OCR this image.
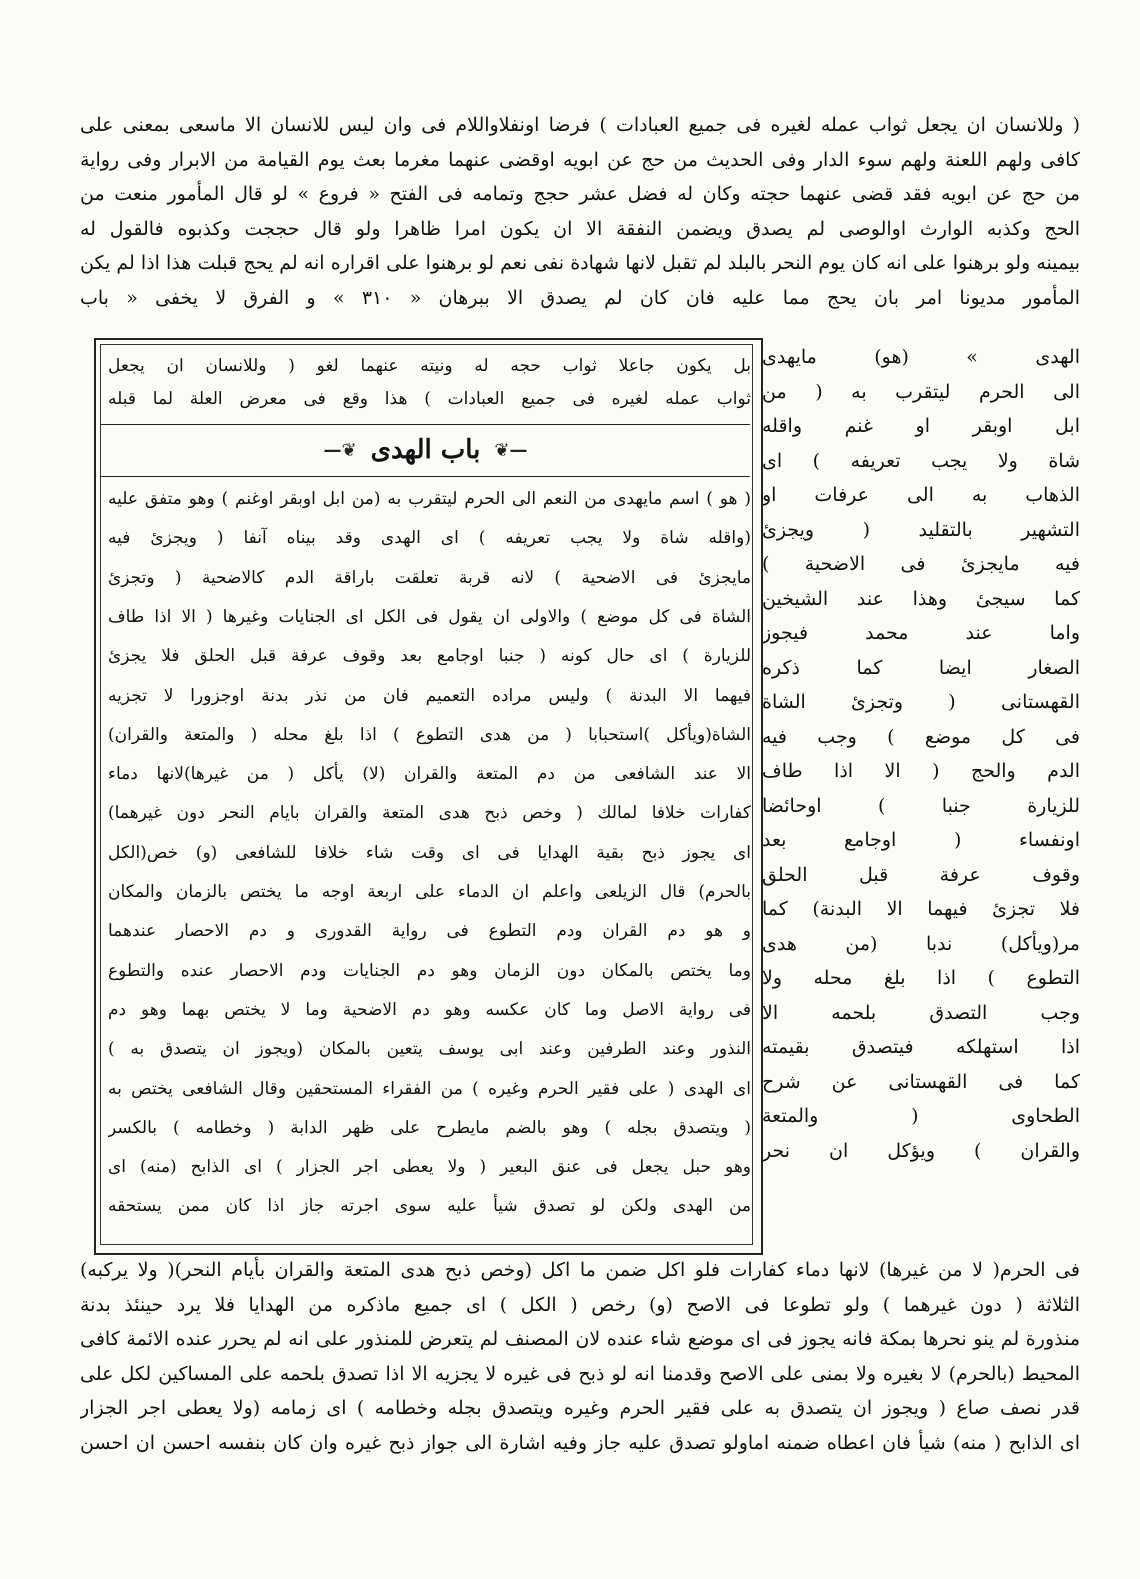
( وللانسان ان يجعل ثواب عمله لغيره فى جميع العبادات ) فرضا اونفلاواللام فى وان ليس للانسان الا ماسعى بمعنى على
كافى ولهم اللعنة ولهم سوء الدار وفى الحديث من حج عن ابويه اوقضى عنهما مغرما بعث يوم القيامة من الابرار وفى رواية
من حج عن ابويه فقد قضى عنهما حجته وكان له فضل عشر حجج وتمامه فى الفتح « فروع » لو قال المأمور منعت من
الحج وكذبه الوارث اوالوصى لم يصدق ويضمن النفقة الا ان يكون امرا ظاهرا ولو قال حججت وكذبوه فالقول له
بيمينه ولو برهنوا على انه كان يوم النحر بالبلد لم تقبل لانها شهادة نفى نعم لو برهنوا على اقراره انه لم يحج قبلت هذا اذا لم يكن
المأمور مديونا امر بان يحج مما عليه فان كان لم يصدق الا ببرهان « ٣١٠ » و الفرق لا يخفى « باب
الهدى » (هو) مايهدى
الى الحرم ليتقرب به ( من
ابل اوبقر او غنم واقله
شاة ولا يجب تعريفه ) اى
الذهاب به الى عرفات او
التشهير بالتقليد ( ويجزىٔ
فيه مايجزىٔ فى الاضحية )
كما سيجىٔ وهذا عند الشيخين
واما عند محمد فيجوز
الصغار ايضا كما ذكره
القهستانى ( وتجزىٔ الشاة
فى كل موضع ) وجب فيه
الدم والحج ( الا اذا طاف
للزيارة جنبا ) اوحائضا
اونفساء ( اوجامع بعد
وقوف عرفة قبل الحلق
فلا تجزىٔ فيهما الا البدنة) كما
مر(ويأكل) ندبا (من هدى
التطوع ) اذا بلغ محله ولا
وجب التصدق بلحمه الا
اذا استهلكه فيتصدق بقيمته
كما فى القهستانى عن شرح
الطحاوى ( والمتعة
والقران ) ويؤكل ان نحر
بل يكون جاعلا ثواب حجه له ونيته عنهما لغو ( وللانسان ان يجعل
ثواب عمله لغيره فى جميع العبادات ) هذا وقع فى معرض العلة لما قبله
—❦
باب الهدى
❦—
( هو ) اسم مايهدى من النعم الى الحرم ليتقرب به (من ابل اوبقر اوغنم ) وهو متفق عليه
(واقله شاة ولا يجب تعريفه ) اى الهدى وقد بيناه آنفا ( ويجزىٔ فيه
مايجزىٔ فى الاضحية ) لانه قربة تعلقت باراقة الدم كالاضحية ( وتجزىٔ
الشاة فى كل موضع ) والاولى ان يقول فى الكل اى الجنايات وغيرها ( الا اذا طاف
للزيارة ) اى حال كونه ( جنبا اوجامع بعد وقوف عرفة قبل الحلق فلا يجزىٔ
فيهما الا البدنة ) وليس مراده التعميم فان من نذر بدنة اوجزورا لا تجزيه
الشاة(ويأكل )استحبابا ( من هدى التطوع ) اذا بلغ محله ( والمتعة والقران)
الا عند الشافعى من دم المتعة والقران (لا) يأكل ( من غيرها)لانها دماء
كفارات خلافا لمالك ( وخص ذبح هدى المتعة والقران بايام النحر دون غيرهما)
اى يجوز ذبح بقية الهدايا فى اى وقت شاء خلافا للشافعى (و) خص(الكل
بالحرم) قال الزيلعى واعلم ان الدماء على اربعة اوجه ما يختص بالزمان والمكان
و هو دم القران ودم التطوع فى رواية القدورى و دم الاحصار عندهما
وما يختص بالمكان دون الزمان وهو دم الجنايات ودم الاحصار عنده والتطوع
فى رواية الاصل وما كان عكسه وهو دم الاضحية وما لا يختص بهما وهو دم
النذور وعند الطرفين وعند ابى يوسف يتعين بالمكان (ويجوز ان يتصدق به )
اى الهدى ( على فقير الحرم وغيره ) من الفقراء المستحقين وقال الشافعى يختص به
( ويتصدق بجله ) وهو بالضم مايطرح على ظهر الدابة ( وخطامه ) بالكسر
وهو حبل يجعل فى عنق البعير ( ولا يعطى اجر الجزار ) اى الذابح (منه) اى
من الهدى ولكن لو تصدق شيأ عليه سوى اجرته جاز اذا كان ممن يستحقه
فى الحرم( لا من غيرها) لانها دماء كفارات فلو اكل ضمن ما اكل (وخص ذبح هدى المتعة والقران بأيام النحر)( ولا يركبه)
الثلاثة ( دون غيرهما ) ولو تطوعا فى الاصح (و) رخص ( الكل ) اى جميع ماذكره من الهدايا فلا يرد حينئذ بدنة
منذورة لم ينو نحرها بمكة فانه يجوز فى اى موضع شاء عنده لان المصنف لم يتعرض للمنذور على انه لم يحرر عنده الائمة كافى
المحيط (بالحرم) لا بغيره ولا بمنى على الاصح وقدمنا انه لو ذبح فى غيره لا يجزيه الا اذا تصدق بلحمه على المساكين لكل على
قدر نصف صاع ( ويجوز ان يتصدق به على فقير الحرم وغيره ويتصدق بجله وخطامه ) اى زمامه (ولا يعطى اجر الجزار
اى الذابح ( منه) شيأ فان اعطاه ضمنه اماولو تصدق عليه جاز وفيه اشارة الى جواز ذبح غيره وان كان بنفسه احسن ان احسن
